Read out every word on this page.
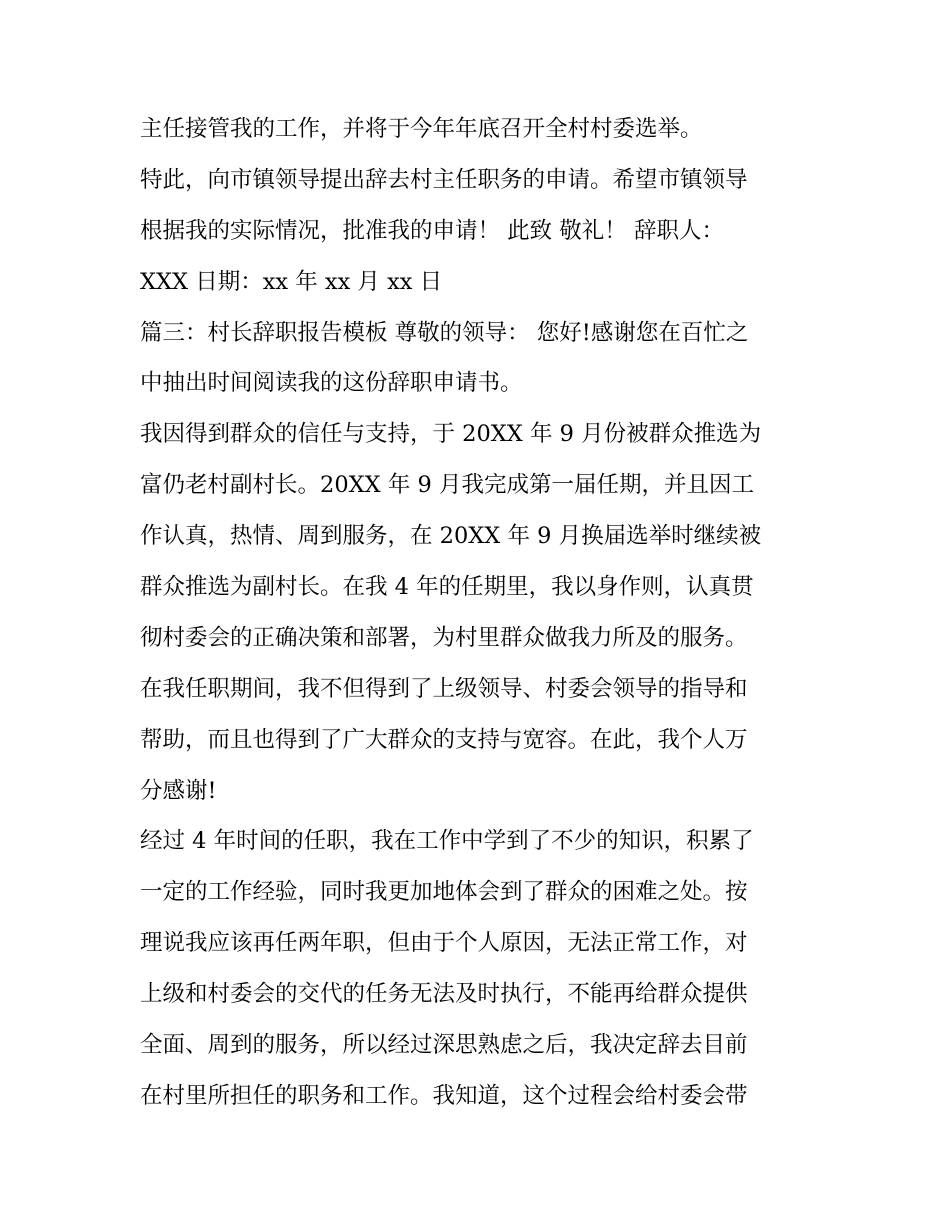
主任接管我的工作，并将于今年年底召开全村村委选举。
特此，向市镇领导提出辞去村主任职务的申请。希望市镇领导
根据我的实际情况，批准我的申请！ 此致 敬礼！ 辞职人：
XXX 日期：xx 年 xx 月 xx 日
篇三：村长辞职报告模板 尊敬的领导： 您好!感谢您在百忙之
中抽出时间阅读我的这份辞职申请书。
我因得到群众的信任与支持，于 20XX 年 9 月份被群众推选为
富仍老村副村长。20XX 年 9 月我完成第一届任期，并且因工
作认真，热情、周到服务，在 20XX 年 9 月换届选举时继续被
群众推选为副村长。在我 4 年的任期里，我以身作则，认真贯
彻村委会的正确决策和部署，为村里群众做我力所及的服务。
在我任职期间，我不但得到了上级领导、村委会领导的指导和
帮助，而且也得到了广大群众的支持与宽容。在此，我个人万
分感谢!
经过 4 年时间的任职，我在工作中学到了不少的知识，积累了
一定的工作经验，同时我更加地体会到了群众的困难之处。按
理说我应该再任两年职，但由于个人原因，无法正常工作，对
上级和村委会的交代的任务无法及时执行，不能再给群众提供
全面、周到的服务，所以经过深思熟虑之后，我决定辞去目前
在村里所担任的职务和工作。我知道，这个过程会给村委会带
